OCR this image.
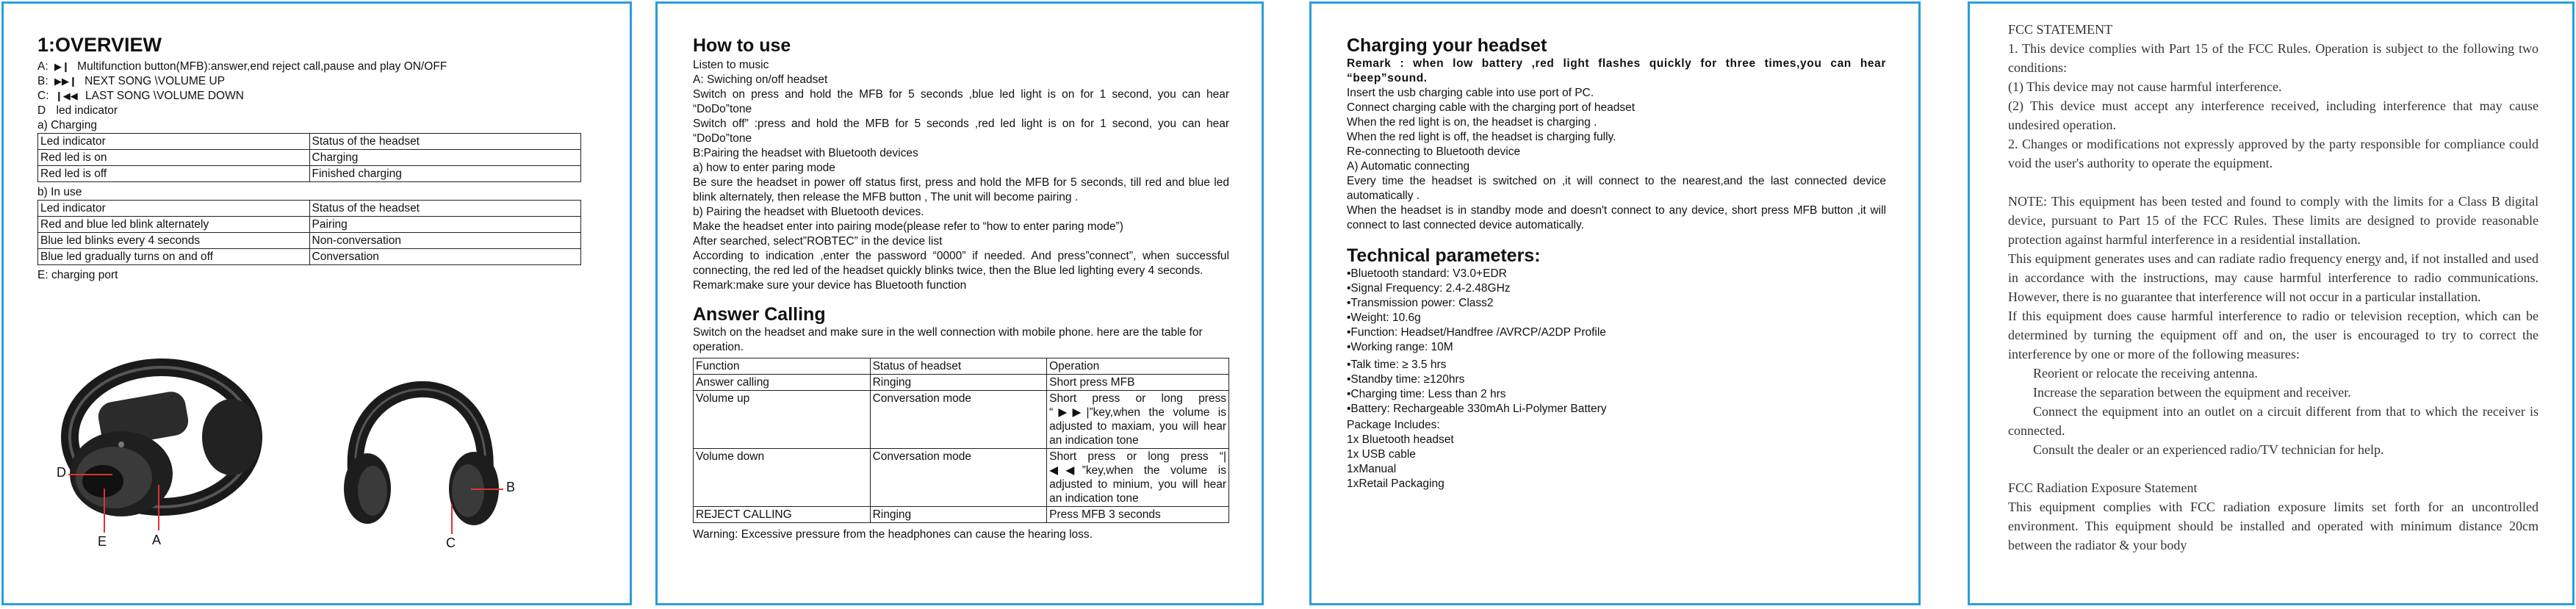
1:OVERVIEW

A: ▶❙ Multifunction button(MFB):answer,end reject call,pause and play ON/OFF

B: ▶▶❙ NEXT SONG \VOLUME UP

C: ❙◀◀ LAST SONG \VOLUME DOWN

D led indicator

a) Charging

Led indicator	Status of the headset
Red led is on	Charging
Red led is off	Finished charging

b) In use

Led indicator	Status of the headset
Red and blue led blink alternately	Pairing
Blue led blinks every 4 seconds	Non-conversation
Blue led gradually turns on and off	Conversation

E: charging port

D
E	A
B
C

How to use

Listen to music

A: Swiching on/off headset

Switch on press and hold the MFB for 5 seconds ,blue led light is on for 1 second, you can hear “DoDo”tone

Switch off” :press and hold the MFB for 5 seconds ,red led light is on for 1 second, you can hear “DoDo”tone

B:Pairing the headset with Bluetooth devices

a) how to enter paring mode

Be sure the headset in power off status first, press and hold the MFB for 5 seconds, till red and blue led blink alternately, then release the MFB button , The unit will become pairing .

b) Pairing the headset with Bluetooth devices.

Make the headset enter into pairing mode(please refer to “how to enter paring mode”)

After searched, select”ROBTEC” in the device list

According to indication ,enter the password “0000” if needed. And press”connect”, when successful connecting, the red led of the headset quickly blinks twice, then the Blue led lighting every 4 seconds.

Remark:make sure your device has Bluetooth function

Answer Calling

Switch on the headset and make sure in the well connection with mobile phone. here are the table for operation.

Function	Status of headset	Operation
Answer calling	Ringing	Short press MFB
Volume up	Conversation mode	Short press or long press “▶▶|”key,when the volume is adjusted to maxiam, you will hear an indication tone
Volume down	Conversation mode	Short press or long press “|◀◀”key,when the volume is adjusted to minium, you will hear an indication tone
REJECT CALLING	Ringing	Press MFB 3 seconds

Warning: Excessive pressure from the headphones can cause the hearing loss.

Charging your headset

Remark : when low battery ,red light flashes quickly for three times,you can hear “beep”sound.

Insert the usb charging cable into use port of PC.

Connect charging cable with the charging port of headset

When the red light is on, the headset is charging .

When the red light is off, the headset is charging fully.

Re-connecting to Bluetooth device

A) Automatic connecting

Every time the headset is switched on ,it will connect to the nearest,and the last connected device automatically .

When the headset is in standby mode and doesn't connect to any device, short press MFB button ,it will connect to last connected device automatically.

Technical parameters:

•Bluetooth standard: V3.0+EDR

•Signal Frequency: 2.4-2.48GHz

•Transmission power: Class2

•Weight: 10.6g

•Function: Headset/Handfree /AVRCP/A2DP Profile

•Working range: 10M

•Talk time: ≥ 3.5 hrs

•Standby time: ≥120hrs

•Charging time: Less than 2 hrs

•Battery: Rechargeable 330mAh Li-Polymer Battery

Package Includes:

1x Bluetooth headset

1x USB cable

1xManual

1xRetail Packaging

FCC STATEMENT

1. This device complies with Part 15 of the FCC Rules. Operation is subject to the following two conditions:

(1) This device may not cause harmful interference.

(2) This device must accept any interference received, including interference that may cause undesired operation.

2. Changes or modifications not expressly approved by the party responsible for compliance could void the user's authority to operate the equipment.

NOTE: This equipment has been tested and found to comply with the limits for a Class B digital device, pursuant to Part 15 of the FCC Rules. These limits are designed to provide reasonable protection against harmful interference in a residential installation.

This equipment generates uses and can radiate radio frequency energy and, if not installed and used in accordance with the instructions, may cause harmful interference to radio communications. However, there is no guarantee that interference will not occur in a particular installation.

If this equipment does cause harmful interference to radio or television reception, which can be determined by turning the equipment off and on, the user is encouraged to try to correct the interference by one or more of the following measures:

Reorient or relocate the receiving antenna.

Increase the separation between the equipment and receiver.

Connect the equipment into an outlet on a circuit different from that to which the receiver is connected.

Consult the dealer or an experienced radio/TV technician for help.

FCC Radiation Exposure Statement

This equipment complies with FCC radiation exposure limits set forth for an uncontrolled environment. This equipment should be installed and operated with minimum distance 20cm between the radiator & your body
